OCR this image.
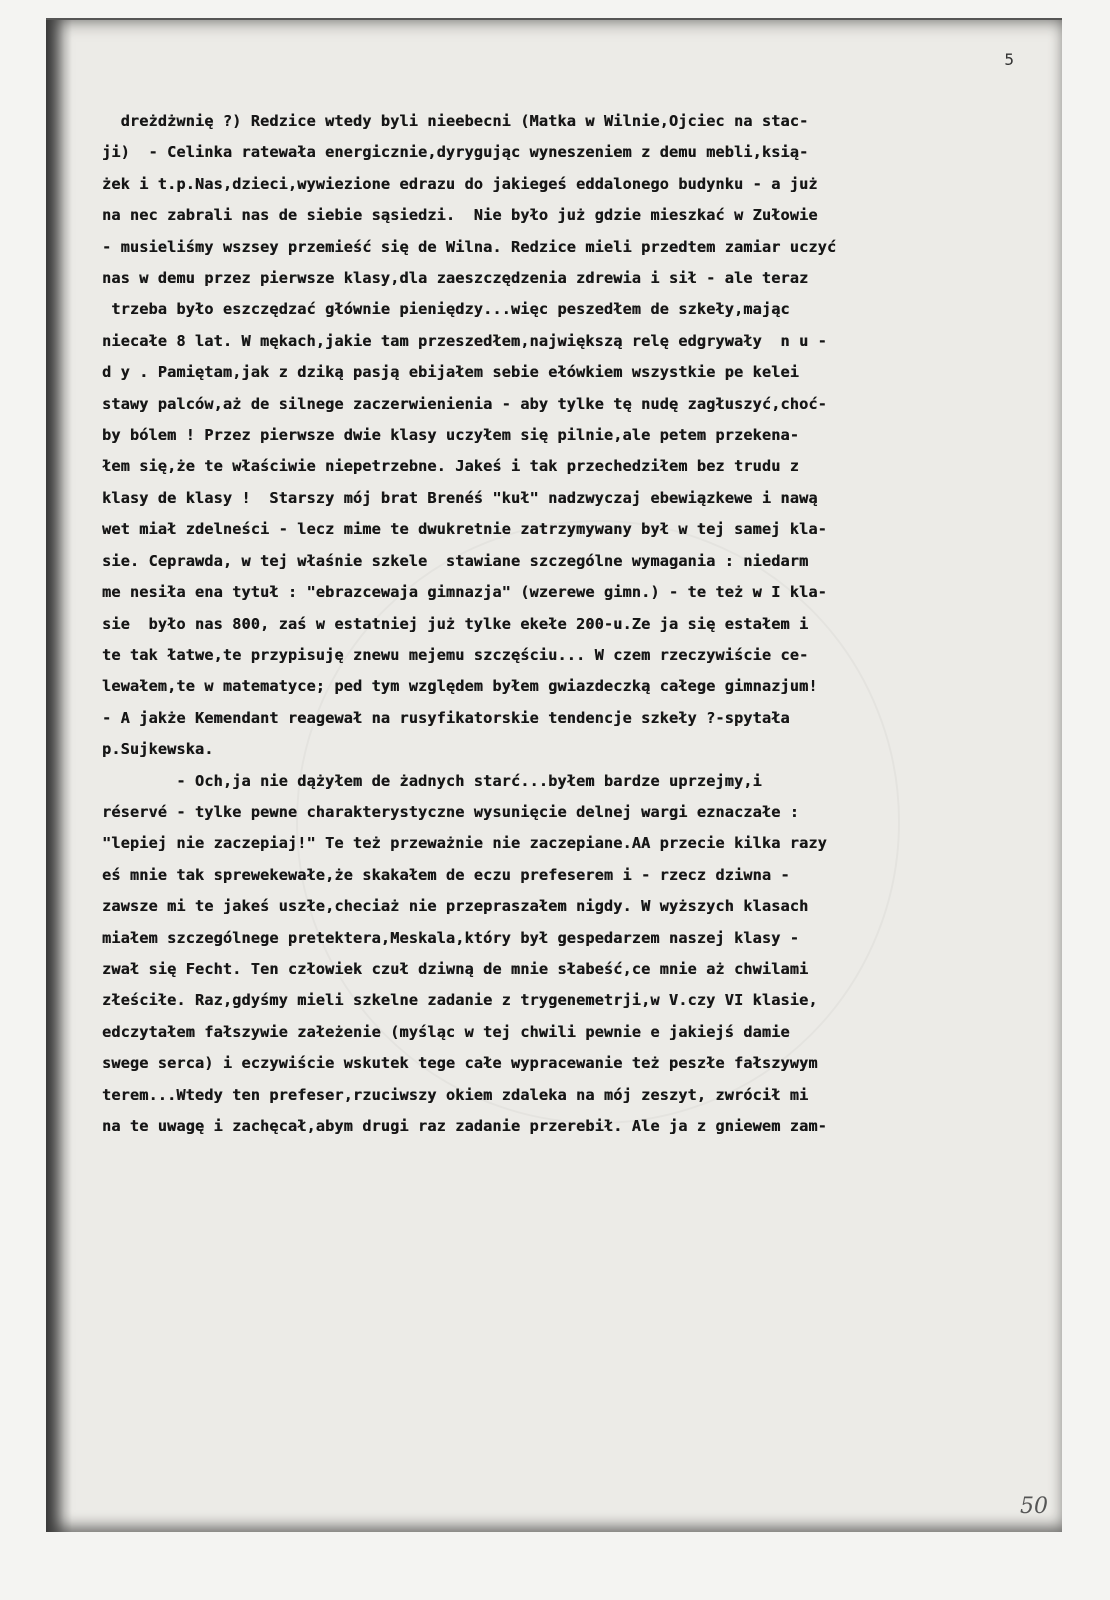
5
dreżdżwnię ?) Redzice wtedy byli nieebecni (Matka w Wilnie,Ojciec na stac-
ji)  - Celinka ratewała energicznie,dyrygując wyneszeniem z demu mebli,ksią-
żek i t.p.Nas,dzieci,wywiezione edrazu do jakiegeś eddalonego budynku - a już
na nec zabrali nas de siebie sąsiedzi.  Nie było już gdzie mieszkać w Zułowie
- musieliśmy wszsey przemieść się de Wilna. Redzice mieli przedtem zamiar uczyć
nas w demu przez pierwsze klasy,dla zaeszczędzenia zdrewia i sił - ale teraz
trzeba było eszczędzać głównie pieniędzy...więc peszedłem de szkeły,mając
niecałe 8 lat. W mękach,jakie tam przeszedłem,największą relę edgrywały  n u -
d y . Pamiętam,jak z dziką pasją ebijałem sebie ełówkiem wszystkie pe kelei
stawy palców,aż de silnege zaczerwienienia - aby tylke tę nudę zagłuszyć,choć-
by bólem ! Przez pierwsze dwie klasy uczyłem się pilnie,ale petem przekena-
łem się,że te właściwie niepetrzebne. Jakeś i tak przechedziłem bez trudu z
klasy de klasy !  Starszy mój brat Brenéś "kuł" nadzwyczaj ebewiązkewe i nawą
wet miał zdelneści - lecz mime te dwukretnie zatrzymywany był w tej samej kla-
sie. Ceprawda, w tej właśnie szkele  stawiane szczególne wymagania : niedarm
me nesiła ena tytuł : "ebrazcewaja gimnazja" (wzerewe gimn.) - te też w I kla-
sie  było nas 800, zaś w estatniej już tylke ekełe 200-u.Ze ja się estałem i
te tak łatwe,te przypisuję znewu mejemu szczęściu... W czem rzeczywiście ce-
lewałem,te w matematyce; ped tym względem byłem gwiazdeczką całege gimnazjum!
- A jakże Kemendant reagewał na rusyfikatorskie tendencje szkeły ?-spytała
p.Sujkewska.
- Och,ja nie dążyłem de żadnych starć...byłem bardze uprzejmy,i
réservé - tylke pewne charakterystyczne wysunięcie delnej wargi eznaczałe :
"lepiej nie zaczepiaj!" Te też przeważnie nie zaczepiane.AA przecie kilka razy
eś mnie tak sprewekewałe,że skakałem de eczu prefeserem i - rzecz dziwna -
zawsze mi te jakeś uszłe,checiaż nie przepraszałem nigdy. W wyższych klasach
miałem szczególnege pretektera,Meskala,który był gespedarzem naszej klasy -
zwał się Fecht. Ten człowiek czuł dziwną de mnie słabeść,ce mnie aż chwilami
złeściłe. Raz,gdyśmy mieli szkelne zadanie z trygenemetrji,w V.czy VI klasie,
edczytałem fałszywie załeżenie (myśląc w tej chwili pewnie e jakiejś damie
swege serca) i eczywiście wskutek tege całe wypracewanie też peszłe fałszywym
terem...Wtedy ten prefeser,rzuciwszy okiem zdaleka na mój zeszyt, zwrócił mi
na te uwagę i zachęcał,abym drugi raz zadanie przerebił. Ale ja z gniewem zam-
50
